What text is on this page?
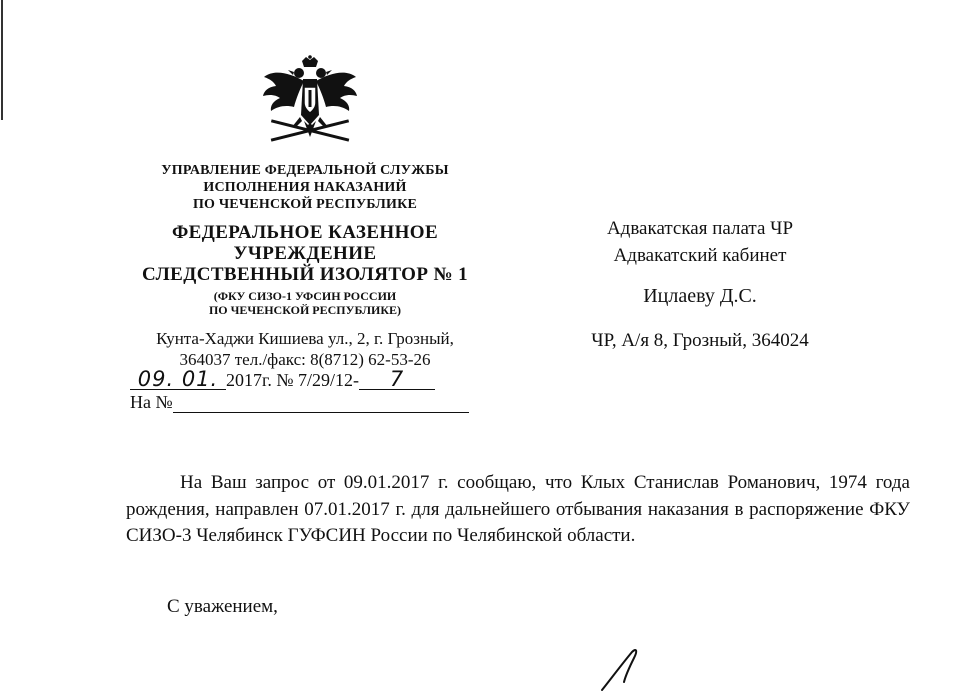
УПРАВЛЕНИЕ ФЕДЕРАЛЬНОЙ СЛУЖБЫ
ИСПОЛНЕНИЯ НАКАЗАНИЙ
ПО ЧЕЧЕНСКОЙ РЕСПУБЛИКЕ
ФЕДЕРАЛЬНОЕ КАЗЕННОЕ
УЧРЕЖДЕНИЕ
СЛЕДСТВЕННЫЙ ИЗОЛЯТОР № 1
(ФКУ СИЗО-1 УФСИН РОССИИ
ПО ЧЕЧЕНСКОЙ РЕСПУБЛИКЕ)
Кунта-Хаджи Кишиева ул., 2, г. Грозный,
364037 тел./факс: 8(8712) 62-53-26
09. 01. 2017г. № 7/29/12- 7
На №
Адвакатская палата ЧР
Адвакатский кабинет
Ицлаеву Д.С.
ЧР, А/я 8, Грозный, 364024
На Ваш запрос от 09.01.2017 г. сообщаю, что Клых Станислав Романович, 1974 года рождения, направлен 07.01.2017 г. для дальнейшего отбывания наказания в распоряжение ФКУ СИЗО-3 Челябинск ГУФСИН России по Челябинской области.
С уважением,
